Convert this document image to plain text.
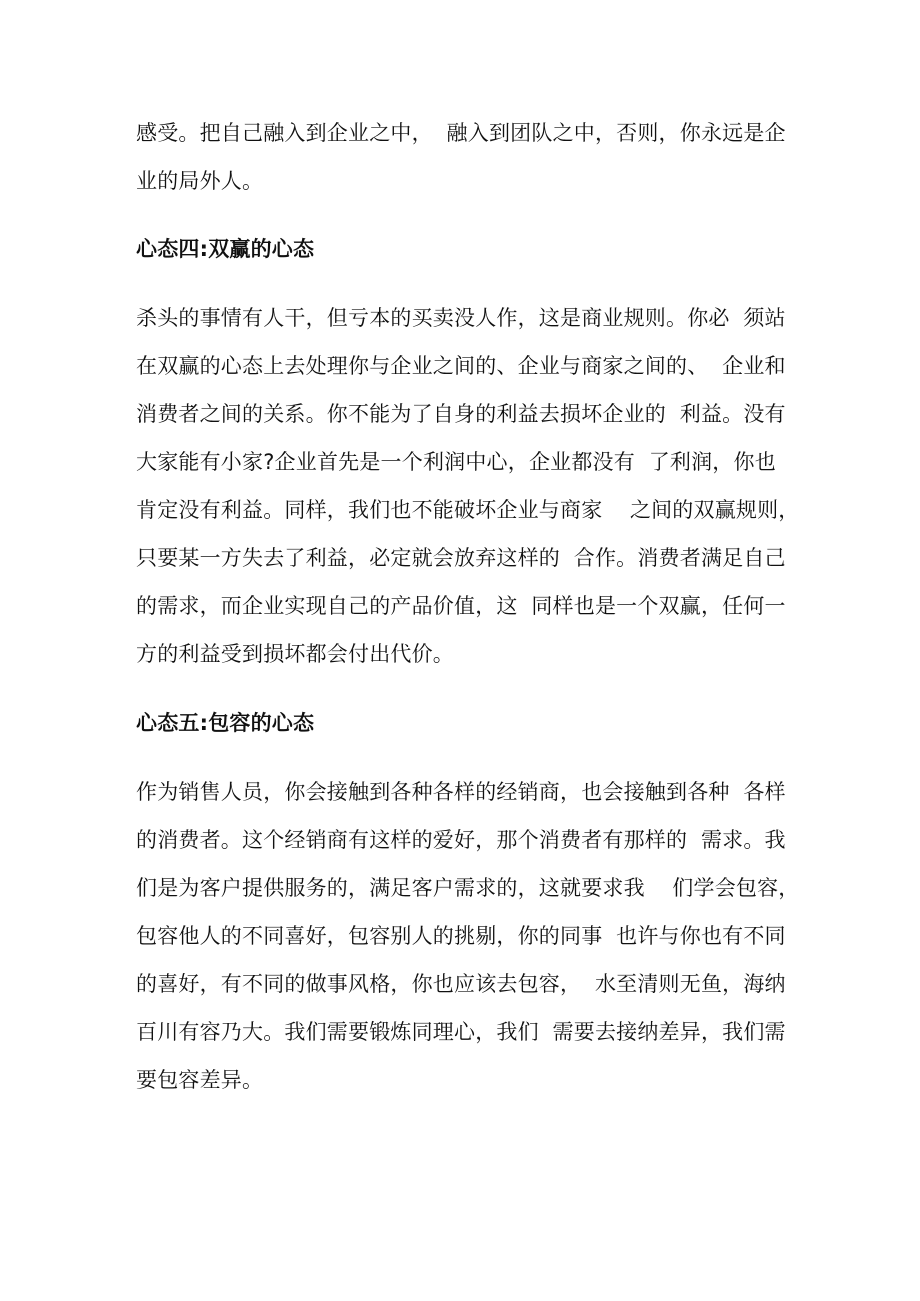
感受。把自己融入到企业之中，  融入到团队之中，否则，你永远是企
业的局外人。
心态四:双赢的心态
杀头的事情有人干，但亏本的买卖没人作，这是商业规则。你必  须站
在双赢的心态上去处理你与企业之间的、企业与商家之间的、  企业和
消费者之间的关系。你不能为了自身的利益去损坏企业的  利益。没有
大家能有小家?企业首先是一个利润中心，企业都没有  了利润，你也
肯定没有利益。同样，我们也不能破坏企业与商家    之间的双赢规则，
只要某一方失去了利益，必定就会放弃这样的  合作。消费者满足自己
的需求，而企业实现自己的产品价值，这  同样也是一个双赢，任何一
方的利益受到损坏都会付出代价。
心态五:包容的心态
作为销售人员，你会接触到各种各样的经销商，也会接触到各种  各样
的消费者。这个经销商有这样的爱好，那个消费者有那样的  需求。我
们是为客户提供服务的，满足客户需求的，这就要求我    们学会包容，
包容他人的不同喜好，包容别人的挑剔，你的同事  也许与你也有不同
的喜好，有不同的做事风格，你也应该去包容，  水至清则无鱼，海纳
百川有容乃大。我们需要锻炼同理心，我们  需要去接纳差异，我们需
要包容差异。
